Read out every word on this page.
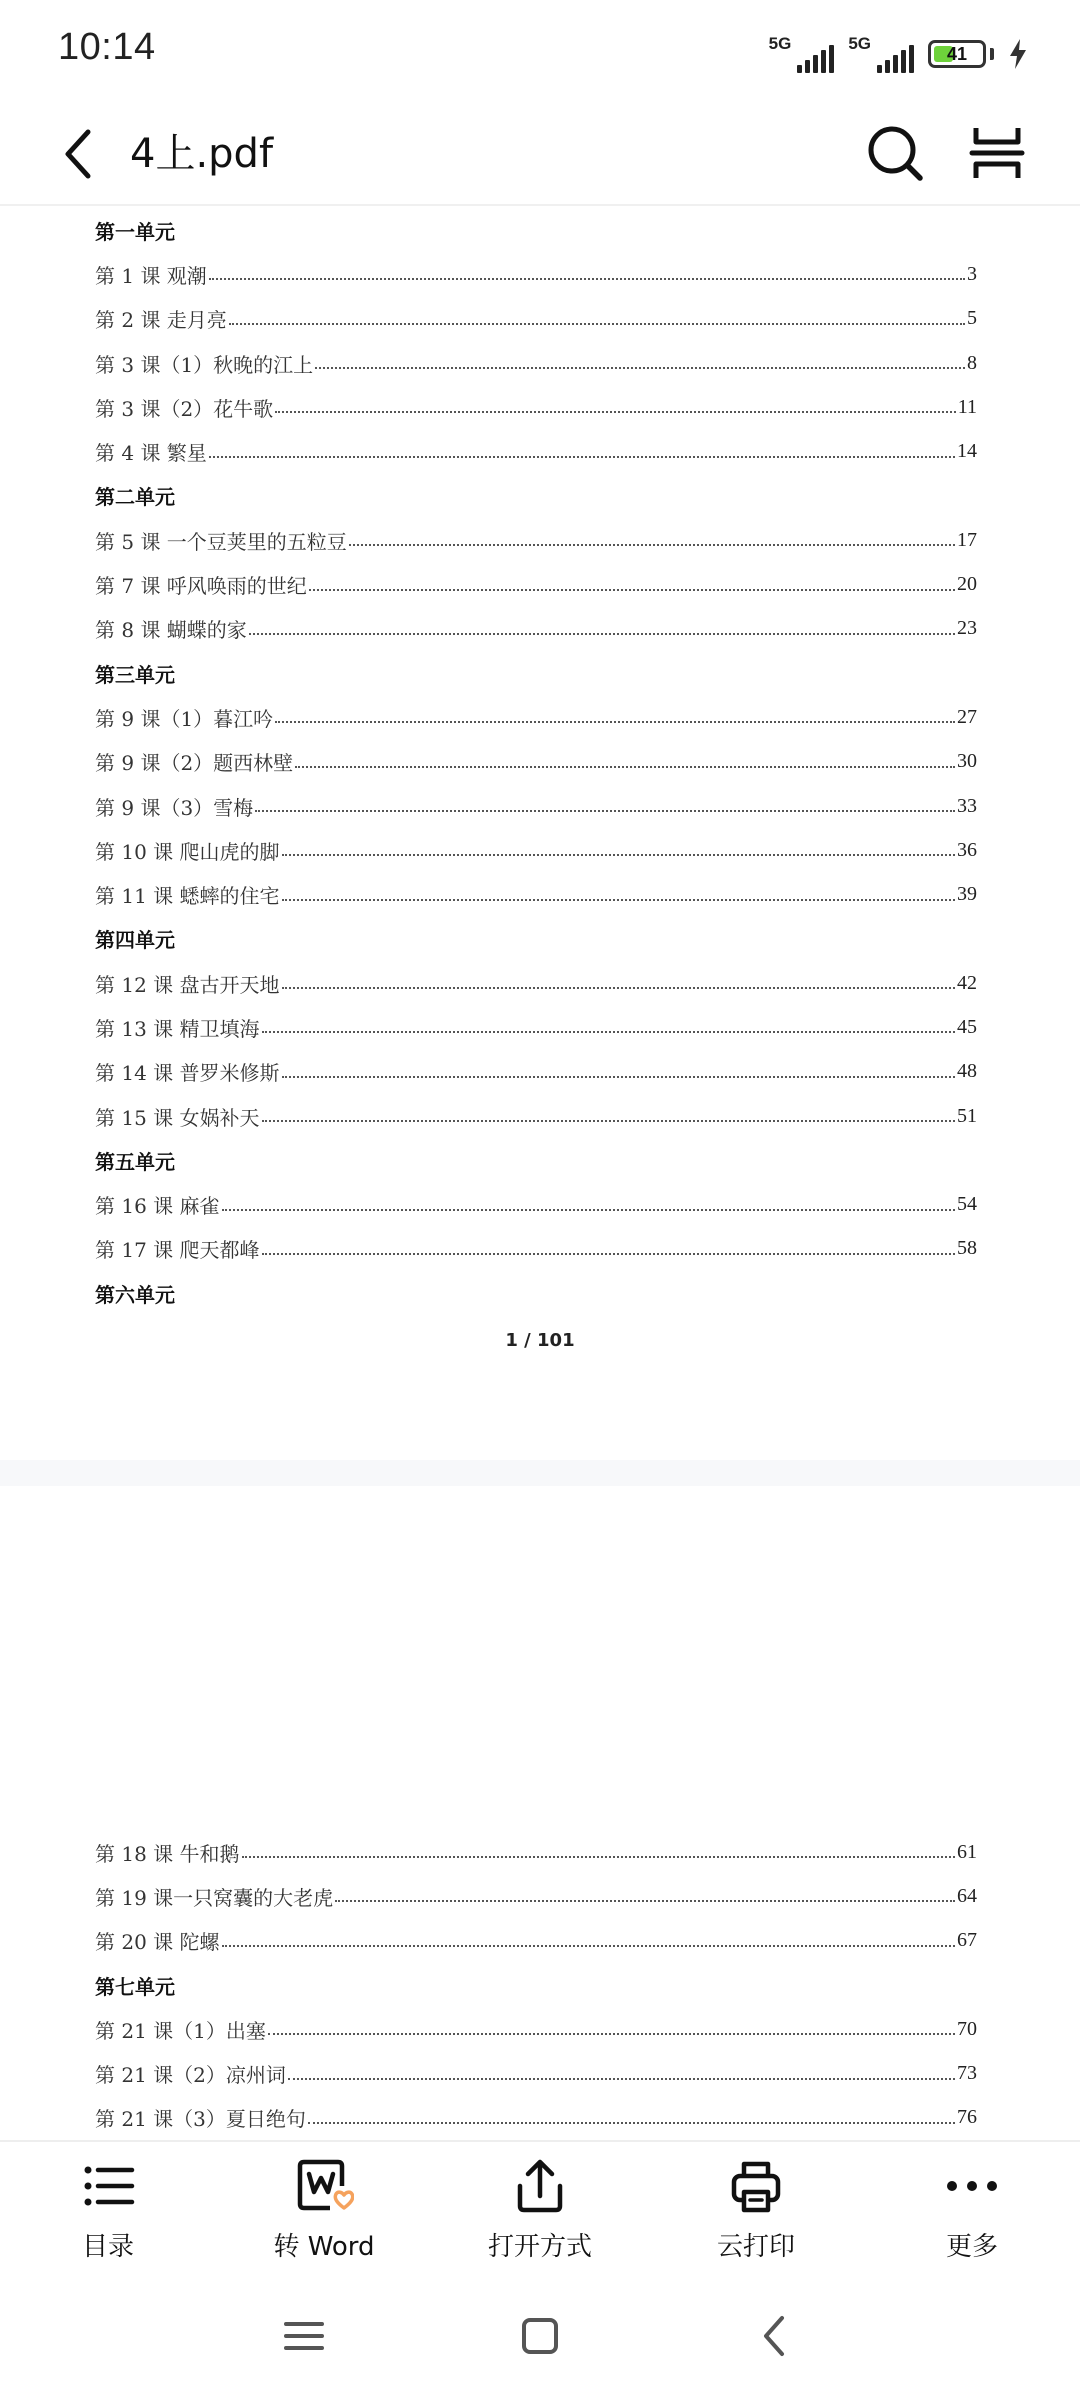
10:14	5G	5G
41
4上.pdf
第一单元
第 1 课 观潮	3
第 2 课 走月亮	5
第 3 课（1）秋晚的江上	8
第 3 课（2）花牛歌	11
第 4 课 繁星	14
第二单元
第 5 课 一个豆荚里的五粒豆	17
第 7 课 呼风唤雨的世纪	20
第 8 课 蝴蝶的家	23
第三单元
第 9 课（1）暮江吟	27
第 9 课（2）题西林壁	30
第 9 课（3）雪梅	33
第 10 课 爬山虎的脚	36
第 11 课 蟋蟀的住宅	39
第四单元
第 12 课 盘古开天地	42
第 13 课 精卫填海	45
第 14 课 普罗米修斯	48
第 15 课 女娲补天	51
第五单元
第 16 课 麻雀	54
第 17 课 爬天都峰	58
第六单元
1 / 101
第 18 课 牛和鹅	61
第 19 课一只窝囊的大老虎	64
第 20 课 陀螺	67
第七单元
第 21 课（1）出塞	70
第 21 课（2）凉州词	73
第 21 课（3）夏日绝句	76
目录	转 Word	打开方式	云打印	更多
